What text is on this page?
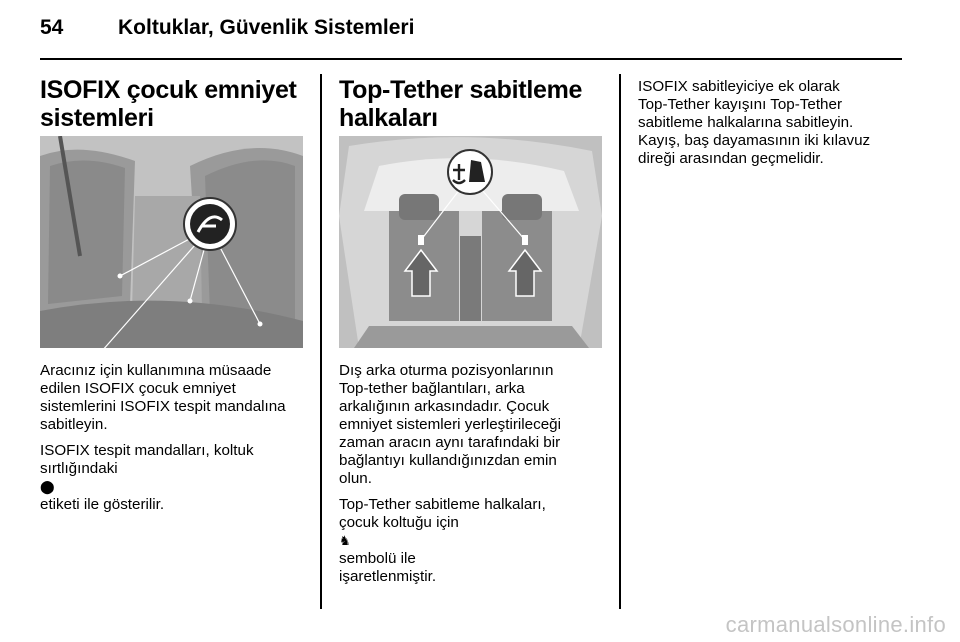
54	Koltuklar, Güvenlik Sistemleri
ISOFIX çocuk emniyet
sistemleri

Aracınız için kullanımına müsaade
edilen ISOFIX çocuk emniyet
sistemlerini ISOFIX tespit mandalına
sabitleyin.

ISOFIX tespit mandalları, koltuk
sırtlığındaki
⬤
etiketi ile gösterilir.

Top-Tether sabitleme
halkaları

Dış arka oturma pozisyonlarının
Top-tether bağlantıları, arka
arkalığının arkasındadır. Çocuk
emniyet sistemleri yerleştirileceği
zaman aracın aynı tarafındaki bir
bağlantıyı kullandığınızdan emin
olun.

Top-Tether sabitleme halkaları,
çocuk koltuğu için
♞
sembolü ile
işaretlenmiştir.

ISOFIX sabitleyiciye ek olarak
Top-Tether kayışını Top-Tether
sabitleme halkalarına sabitleyin.
Kayış, baş dayamasının iki kılavuz
direği arasından geçmelidir.

carmanualsonline.info
